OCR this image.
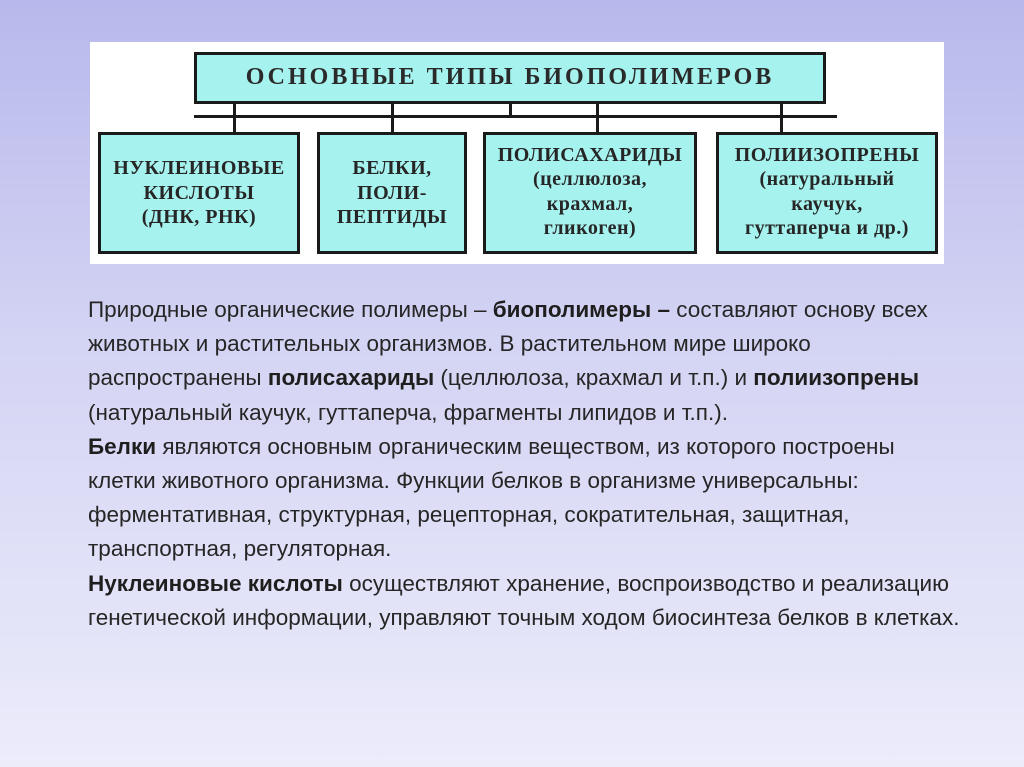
ОСНОВНЫЕ ТИПЫ БИОПОЛИМЕРОВ
НУКЛЕИНОВЫЕ
КИСЛОТЫ
(ДНК, РНК)
БЕЛКИ,
ПОЛИ-
ПЕПТИДЫ
ПОЛИСАХАРИДЫ
(целлюлоза,
крахмал,
гликоген)
ПОЛИИЗОПРЕНЫ
(натуральный
каучук,
гуттаперча и др.)

Природные органические полимеры – биополимеры – составляют основу всех животных и растительных организмов. В растительном мире широко распространены полисахариды (целлюлоза, крахмал и т.п.) и полиизопрены (натуральный каучук, гуттаперча, фрагменты липидов и т.п.).

Белки являются основным органическим веществом, из которого построены клетки животного организма. Функции белков в организме универсальны: ферментативная, структурная, рецепторная, сократительная, защитная, транспортная, регуляторная.

Нуклеиновые кислоты осуществляют хранение, воспроизводство и реализацию генетической информации, управляют точным ходом биосинтеза белков в клетках.
